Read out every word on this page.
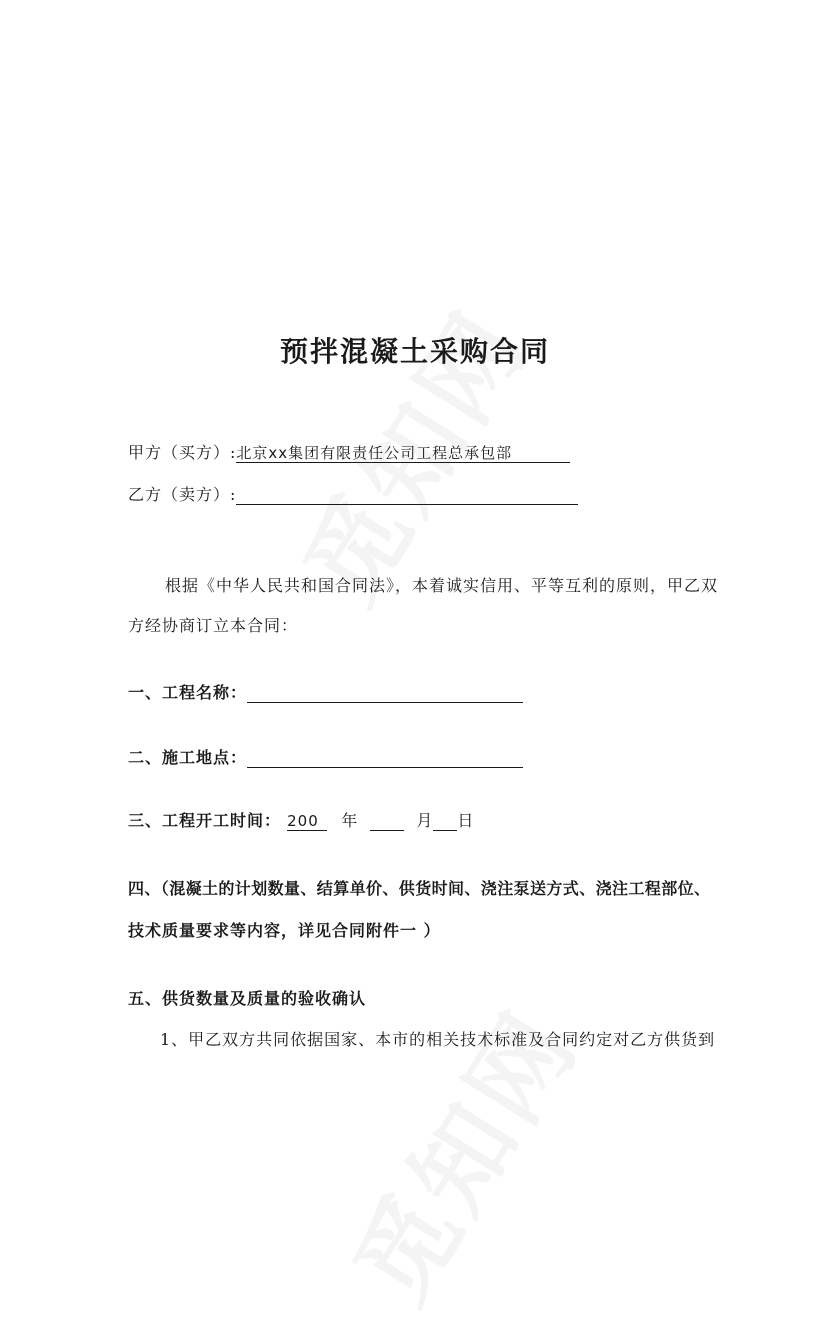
预拌混凝土采购合同
甲方（买方）:北京xx集团有限责任公司工程总承包部
乙方（卖方）:
根据《中华人民共和国合同法》，本着诚实信用、平等互利的原则，甲乙双
方经协商订立本合同：
一、工程名称：
二、施工地点：
三、工程开工时间： 200 年	月 日
四、（混凝土的计划数量、结算单价、供货时间、浇注泵送方式、浇注工程部位、
技术质量要求等内容，详见合同附件一 ）
五、供货数量及质量的验收确认
1、甲乙双方共同依据国家、本市的相关技术标准及合同约定对乙方供货到
